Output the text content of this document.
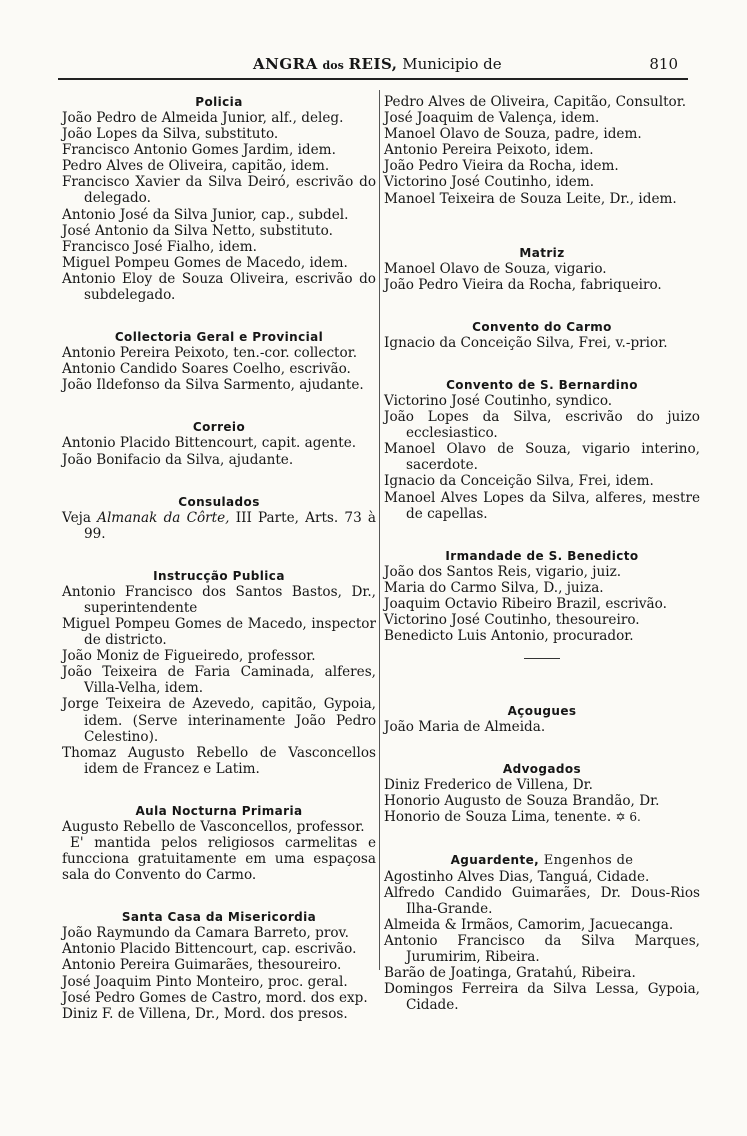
ANGRA dos REIS, Municipio de	810
Policia

João Pedro de Almeida Junior, alf., deleg.

João Lopes da Silva, substituto.

Francisco Antonio Gomes Jardim, idem.

Pedro Alves de Oliveira, capitão, idem.

Francisco Xavier da Silva Deiró, escrivão do delegado.

Antonio José da Silva Junior, cap., subdel.

José Antonio da Silva Netto, substituto.

Francisco José Fialho, idem.

Miguel Pompeu Gomes de Macedo, idem.

Antonio Eloy de Souza Oliveira, escrivão do subdelegado.

Collectoria Geral e Provincial

Antonio Pereira Peixoto, ten.-cor. collector.

Antonio Candido Soares Coelho, escrivão.

João Ildefonso da Silva Sarmento, ajudante.

Correio

Antonio Placido Bittencourt, capit. agente.

João Bonifacio da Silva, ajudante.

Consulados

Veja Almanak da Côrte, III Parte, Arts. 73 à 99.

Instrucção Publica

Antonio Francisco dos Santos Bastos, Dr., superintendente

Miguel Pompeu Gomes de Macedo, inspector de districto.

João Moniz de Figueiredo, professor.

João Teixeira de Faria Caminada, alferes, Villa-Velha, idem.

Jorge Teixeira de Azevedo, capitão, Gypoia, idem. (Serve interinamente João Pedro Celestino).

Thomaz Augusto Rebello de Vasconcellos idem de Francez e Latim.

Aula Nocturna Primaria

Augusto Rebello de Vasconcellos, professor.

E' mantida pelos religiosos carmelitas e funcciona gratuitamente em uma espaçosa sala do Convento do Carmo.

Santa Casa da Misericordia

João Raymundo da Camara Barreto, prov.

Antonio Placido Bittencourt, cap. escrivão.

Antonio Pereira Guimarães, thesoureiro.

José Joaquim Pinto Monteiro, proc. geral.

José Pedro Gomes de Castro, mord. dos exp.

Diniz F. de Villena, Dr., Mord. dos presos.

Pedro Alves de Oliveira, Capitão, Consultor.

José Joaquim de Valença, idem.

Manoel Olavo de Souza, padre, idem.

Antonio Pereira Peixoto, idem.

João Pedro Vieira da Rocha, idem.

Victorino José Coutinho, idem.

Manoel Teixeira de Souza Leite, Dr., idem.

Matriz

Manoel Olavo de Souza, vigario.

João Pedro Vieira da Rocha, fabriqueiro.

Convento do Carmo

Ignacio da Conceição Silva, Frei, v.-prior.

Convento de S. Bernardino

Victorino José Coutinho, syndico.

João Lopes da Silva, escrivão do juizo ecclesiastico.

Manoel Olavo de Souza, vigario interino, sacerdote.

Ignacio da Conceição Silva, Frei, idem.

Manoel Alves Lopes da Silva, alferes, mestre de capellas.

Irmandade de S. Benedicto

João dos Santos Reis, vigario, juiz.

Maria do Carmo Silva, D., juiza.

Joaquim Octavio Ribeiro Brazil, escrivão.

Victorino José Coutinho, thesoureiro.

Benedicto Luis Antonio, procurador.

Açougues

João Maria de Almeida.

Advogados

Diniz Frederico de Villena, Dr.

Honorio Augusto de Souza Brandão, Dr.

Honorio de Souza Lima, tenente. ✡ 6.

Aguardente, Engenhos de

Agostinho Alves Dias, Tanguá, Cidade.

Alfredo Candido Guimarães, Dr. Dous-Rios Ilha-Grande.

Almeida & Irmãos, Camorim, Jacuecanga.

Antonio Francisco da Silva Marques, Jurumirim, Ribeira.

Barão de Joatinga, Gratahú, Ribeira.

Domingos Ferreira da Silva Lessa, Gypoia, Cidade.
